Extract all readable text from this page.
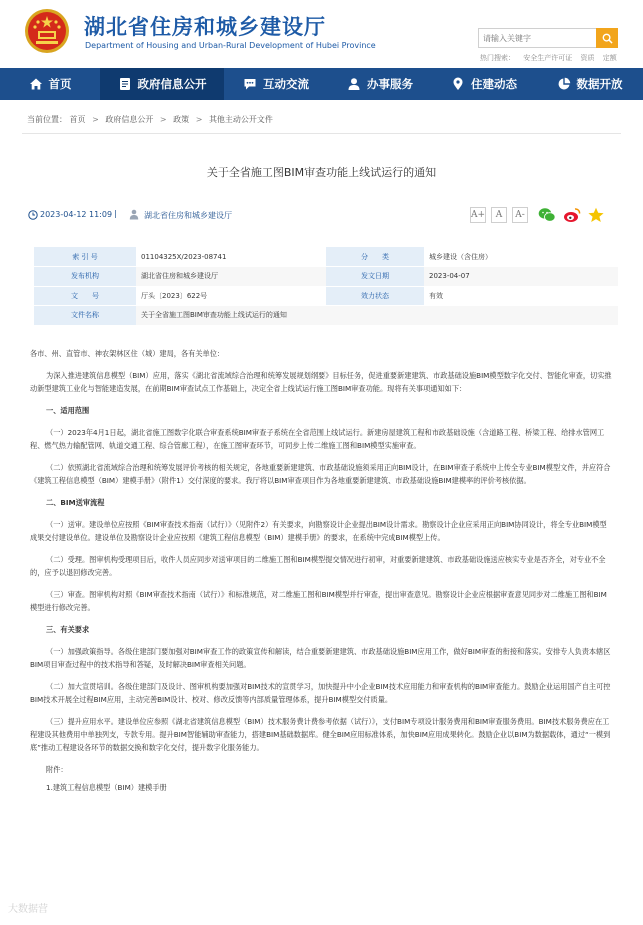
湖北省住房和城乡建设厅
Department of Housing and Urban-Rural Development of Hubei Province
请输入关键字
热门搜索： 安全生产许可证 资质 定额
首页	政府信息公开	互动交流	办事服务	住建动态	数据开放
当前位置： 首页 > 政府信息公开 > 政策 > 其他主动公开文件
关于全省施工图BIM审查功能上线试运行的通知
2023-04-12 11:09 |	湖北省住房和城乡建设厅	A+ A A-
索 引 号	01104325X/2023-08741	分　　类	城乡建设（含住房）
发布机构	湖北省住房和城乡建设厅	发文日期	2023-04-07
文　　号	厅头〔2023〕622号	效力状态	有效
文件名称	关于全省施工图BIM审查功能上线试运行的通知		

各市、州、直管市、神农架林区住（城）建局，各有关单位：

为深入推进建筑信息模型（BIM）应用，落实《湖北省流域综合治理和统筹发展规划纲要》目标任务，促进重要新建建筑、市政基础设施BIM模型数字化交付、智能化审查，切实推动新型建筑工业化与智能建造发展，在前期BIM审查试点工作基础上，决定全省上线试运行施工图BIM审查功能。现将有关事项通知如下：

一、适用范围

（一）2023年4月1日起，湖北省施工图数字化联合审查系统BIM审查子系统在全省范围上线试运行。新建房屋建筑工程和市政基础设施（含道路工程、桥梁工程、给排水管网工程、燃气热力输配管网、轨道交通工程、综合管廊工程），在施工图审查环节，可同步上传二维施工图和BIM模型实施审查。

（二）依照湖北省流域综合治理和统筹发展评价考核的相关规定，各地重要新建建筑、市政基础设施须采用正向BIM设计，在BIM审查子系统中上传全专业BIM模型文件，并应符合《建筑工程信息模型（BIM）建模手册》（附件1）交付深度的要求。我厅将以BIM审查项目作为各地重要新建建筑、市政基础设施BIM建模率的评价考核依据。

二、BIM送审流程

（一）送审。建设单位应按照《BIM审查技术指南（试行）》（见附件2）有关要求，向勘察设计企业提出BIM设计需求。勘察设计企业应采用正向BIM协同设计，将全专业BIM模型成果交付建设单位。建设单位及勘察设计企业应按照《建筑工程信息模型（BIM）建模手册》的要求，在系统中完成BIM模型上传。

（二）受理。图审机构受理项目后，收件人员应同步对送审项目的二维施工图和BIM模型提交情况进行初审，对重要新建建筑、市政基础设施送应核实专业是否齐全，对专业不全的，应予以退回修改完善。

（三）审查。图审机构对照《BIM审查技术指南（试行）》和标准规范，对二维施工图和BIM模型并行审查，提出审查意见。勘察设计企业应根据审查意见同步对二维施工图和BIM模型进行修改完善。

三、有关要求

（一）加强政策指导。各级住建部门要加强对BIM审查工作的政策宣传和解读，结合重要新建建筑、市政基础设施BIM应用工作，做好BIM审查的衔接和落实。安排专人负责本辖区BIM项目审查过程中的技术指导和答疑，及时解决BIM审查相关问题。

（二）加大宣贯培训。各级住建部门及设计、图审机构要加强对BIM技术的宣贯学习，加快提升中小企业BIM技术应用能力和审查机构的BIM审查能力。鼓励企业运用国产自主可控BIM技术开展全过程BIM应用，主动完善BIM设计、校对、修改反馈等内部质量管理体系，提升BIM模型交付质量。

（三）提升应用水平。建设单位应参照《湖北省建筑信息模型（BIM）技术服务费计费参考依据（试行）》，支付BIM专项设计服务费用和BIM审查服务费用。BIM技术服务费应在工程建设其他费用中单独列支，专款专用。提升BIM智能辅助审查能力，搭建BIM基础数据库。健全BIM应用标准体系，加快BIM应用成果转化。鼓励企业以BIM为数据载体，通过“一模到底”推动工程建设各环节的数据交换和数字化交付，提升数字化服务能力。

附件：

1.建筑工程信息模型（BIM）建模手册

大数据营
